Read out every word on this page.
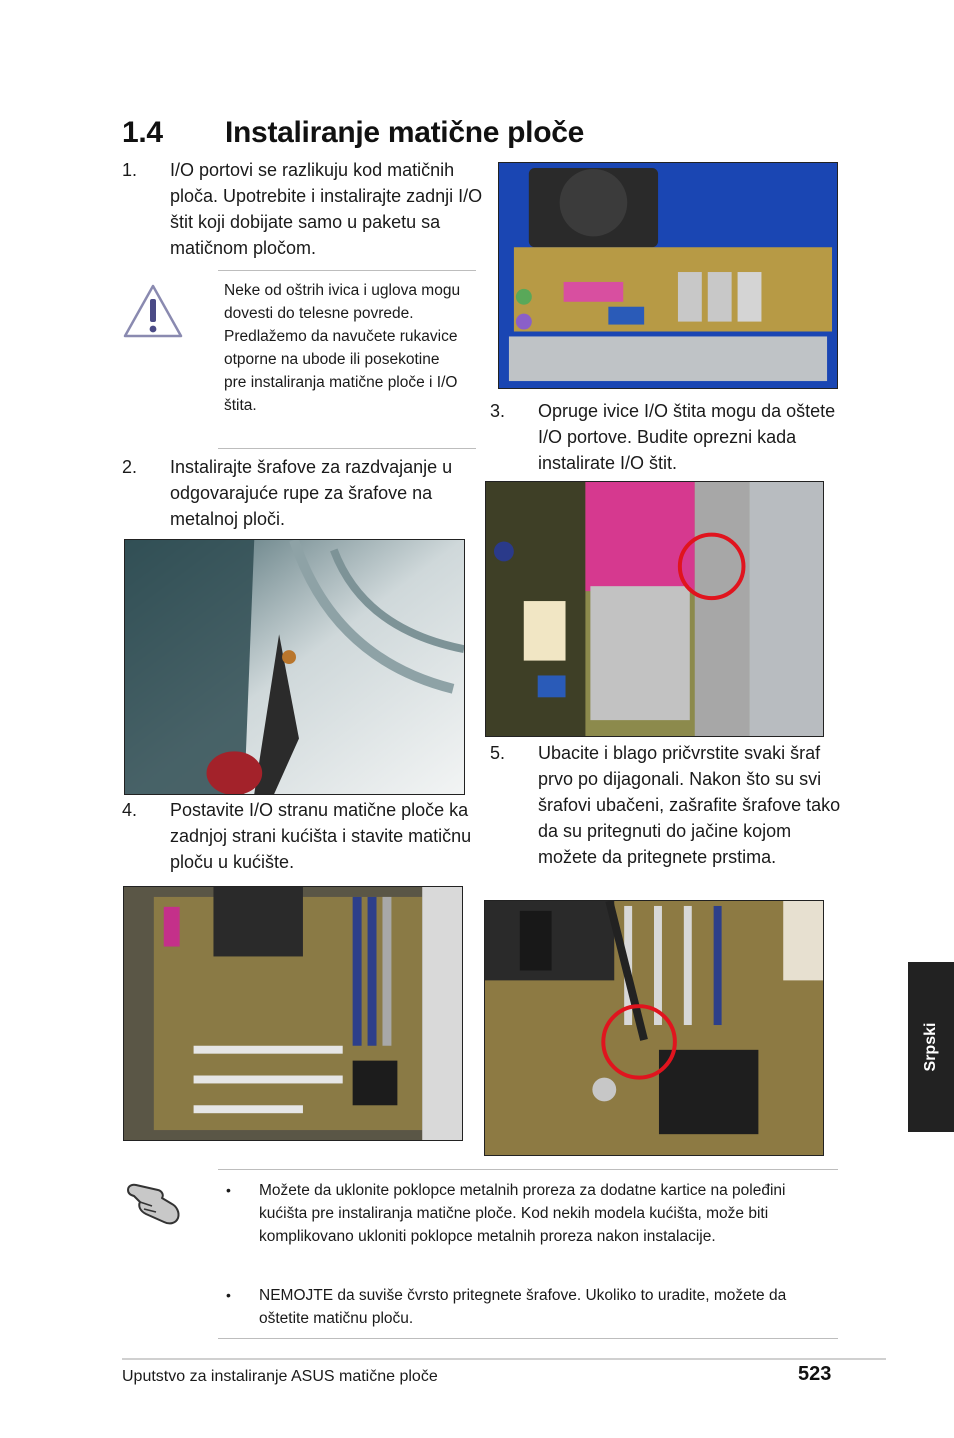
1.4 Instaliranje matične ploče
1. I/O portovi se razlikuju kod matičnih ploča. Upotrebite i instalirajte zadnji I/O štit koji dobijate samo u paketu sa matičnom pločom.
Neke od oštrih ivica i uglova mogu dovesti do telesne povrede. Predlažemo da navučete rukavice otporne na ubode ili posekotine pre instaliranja matične ploče i I/O štita.
2. Instalirajte šrafove za razdvajanje u odgovarajuće rupe za šrafove na metalnoj ploči.
4. Postavite I/O stranu matične ploče ka zadnjoj strani kućišta i stavite matičnu ploču u kućište.
3. Opruge ivice I/O štita mogu da oštete I/O portove. Budite oprezni kada instalirate I/O štit.
5. Ubacite i blago pričvrstite svaki šraf prvo po dijagonali. Nakon što su svi šrafovi ubačeni, zašrafite šrafove tako da su pritegnuti do jačine kojom možete da pritegnete prstima.
Srpski
• Možete da uklonite poklopce metalnih proreza za dodatne kartice na poleđini kućišta pre instaliranja matične ploče. Kod nekih modela kućišta, može biti komplikovano ukloniti poklopce metalnih proreza nakon instalacije.
• NEMOJTE da suviše čvrsto pritegnete šrafove. Ukoliko to uradite, možete da oštetite matičnu ploču.
Uputstvo za instaliranje ASUS matične ploče	523
